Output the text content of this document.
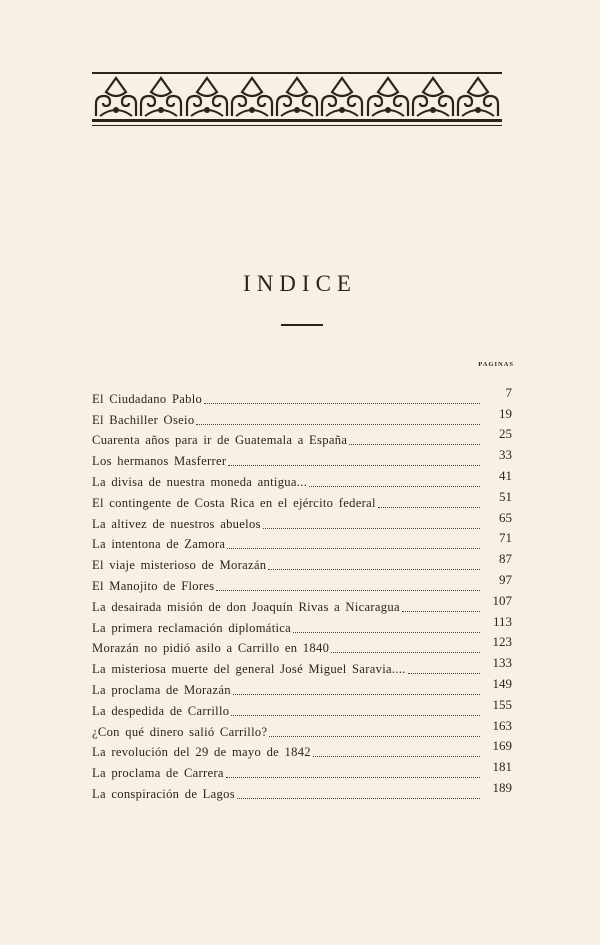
INDICE
PAGINAS
El Ciudadano Pablo	7
El Bachiller Oseio	19
Cuarenta años para ir de Guatemala a España	25
Los hermanos Masferrer	33
La divisa de nuestra moneda antigua...	41
El contingente de Costa Rica en el ejército federal	51
La altivez de nuestros abuelos	65
La intentona de Zamora	71
El viaje misterioso de Morazán	87
El Manojito de Flores	97
La desairada misión de don Joaquín Rivas a Nicaragua	107
La primera reclamación diplomática	113
Morazán no pidió asilo a Carrillo en 1840	123
La misteriosa muerte del general José Miguel Saravia....	133
La proclama de Morazán	149
La despedida de Carrillo	155
¿Con qué dinero salió Carrillo?	163
La revolución del 29 de mayo de 1842	169
La proclama de Carrera	181
La conspiración de Lagos	189
